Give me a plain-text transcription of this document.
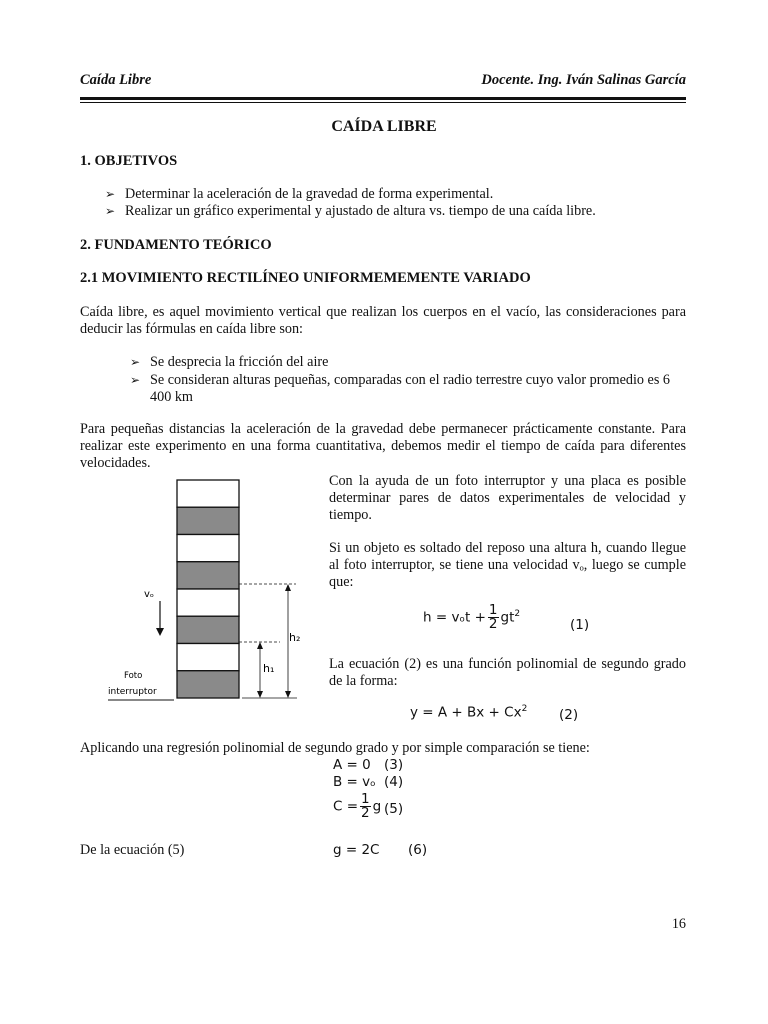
Caída Libre	Docente. Ing. Iván Salinas García
CAÍDA LIBRE
1. OBJETIVOS
➢ Determinar la aceleración de la gravedad de forma experimental.
➢ Realizar un gráfico experimental y ajustado de altura vs. tiempo de una caída libre.
2. FUNDAMENTO TEÓRICO
2.1 MOVIMIENTO RECTILÍNEO UNIFORMEMEMENTE VARIADO
Caída libre, es aquel movimiento vertical que realizan los cuerpos en el vacío, las consideraciones para deducir las fórmulas en caída libre son:
➢ Se desprecia la fricción del aire
➢ Se consideran alturas pequeñas, comparadas con el radio terrestre cuyo valor promedio es 6 400 km
Para pequeñas distancias la aceleración de la gravedad debe permanecer prácticamente constante. Para realizar este experimento en una forma cuantitativa, debemos medir el tiempo de caída para diferentes velocidades.
vₒ
h₂
h₁
Foto
interruptor
Con la ayuda de un foto interruptor y una placa es posible determinar pares de datos experimentales de velocidad y tiempo.
Si un objeto es soltado del reposo una altura h, cuando llegue al foto interruptor, se tiene una velocidad vₒ, luego se cumple que:
$h = v_ot + \frac{1}{2} gt^2$
(1)
La ecuación (2) es una función polinomial de segundo grado de la forma:
$y = A + Bx + Cx^2$ (2)
Aplicando una regresión polinomial de segundo grado y por simple comparación se tiene:
A = 0 (3)
B = vₒ (4)
$C = \frac{1}{2}$ g (5)
De la ecuación (5)	g = 2C (6)
16
